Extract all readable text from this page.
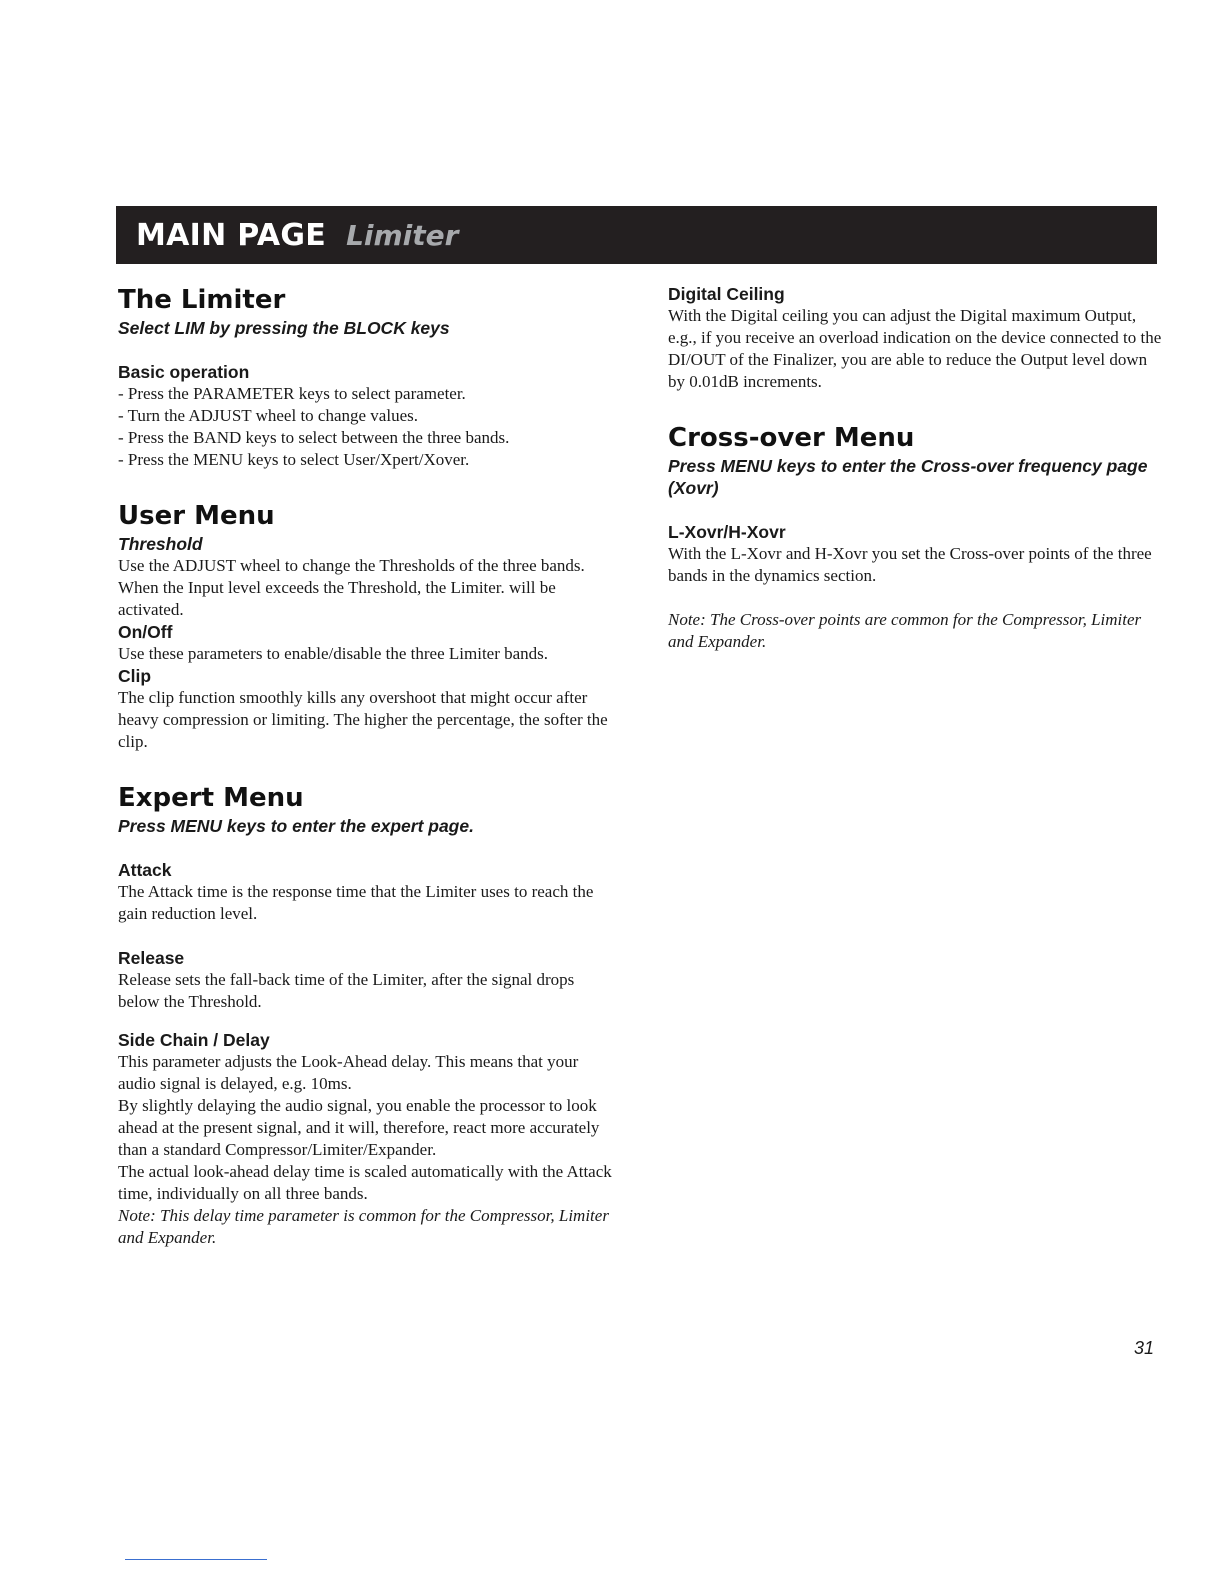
MAIN PAGE Limiter
The Limiter
Select LIM by pressing the BLOCK keys
Basic operation

- Press the PARAMETER keys to select parameter.

- Turn the ADJUST wheel to change values.

- Press the BAND keys to select between the three bands.

- Press the MENU keys to select User/Xpert/Xover.

User Menu
Threshold

Use the ADJUST wheel to change the Thresholds of the three bands. When the Input level exceeds the Threshold, the Limiter. will be activated.

On/Off

Use these parameters to enable/disable the three Limiter bands.

Clip

The clip function smoothly kills any overshoot that might occur after heavy compression or limiting. The higher the percentage, the softer the clip.

Expert Menu
Press MENU keys to enter the expert page.
Attack

The Attack time is the response time that the Limiter uses to reach the gain reduction level.

Release

Release sets the fall-back time of the Limiter, after the signal drops below the Threshold.

Side Chain / Delay

This parameter adjusts the Look-Ahead delay. This means that your audio signal is delayed, e.g. 10ms.

By slightly delaying the audio signal, you enable the processor to look ahead at the present signal, and it will, therefore, react more accurately than a standard Compressor/Limiter/Expander.

The actual look-ahead delay time is scaled automatically with the Attack time, individually on all three bands.

Note: This delay time parameter is common for the Compressor, Limiter and Expander.

Digital Ceiling

With the Digital ceiling you can adjust the Digital maximum Output, e.g., if you receive an overload indication on the device connected to the DI/OUT of the Finalizer, you are able to reduce the Output level down by 0.01dB increments.

Cross-over Menu
Press MENU keys to enter the Cross-over frequency page (Xovr)
L-Xovr/H-Xovr

With the L-Xovr and H-Xovr you set the Cross-over points of the three bands in the dynamics section.

Note: The Cross-over points are common for the Compressor, Limiter and Expander.

31
